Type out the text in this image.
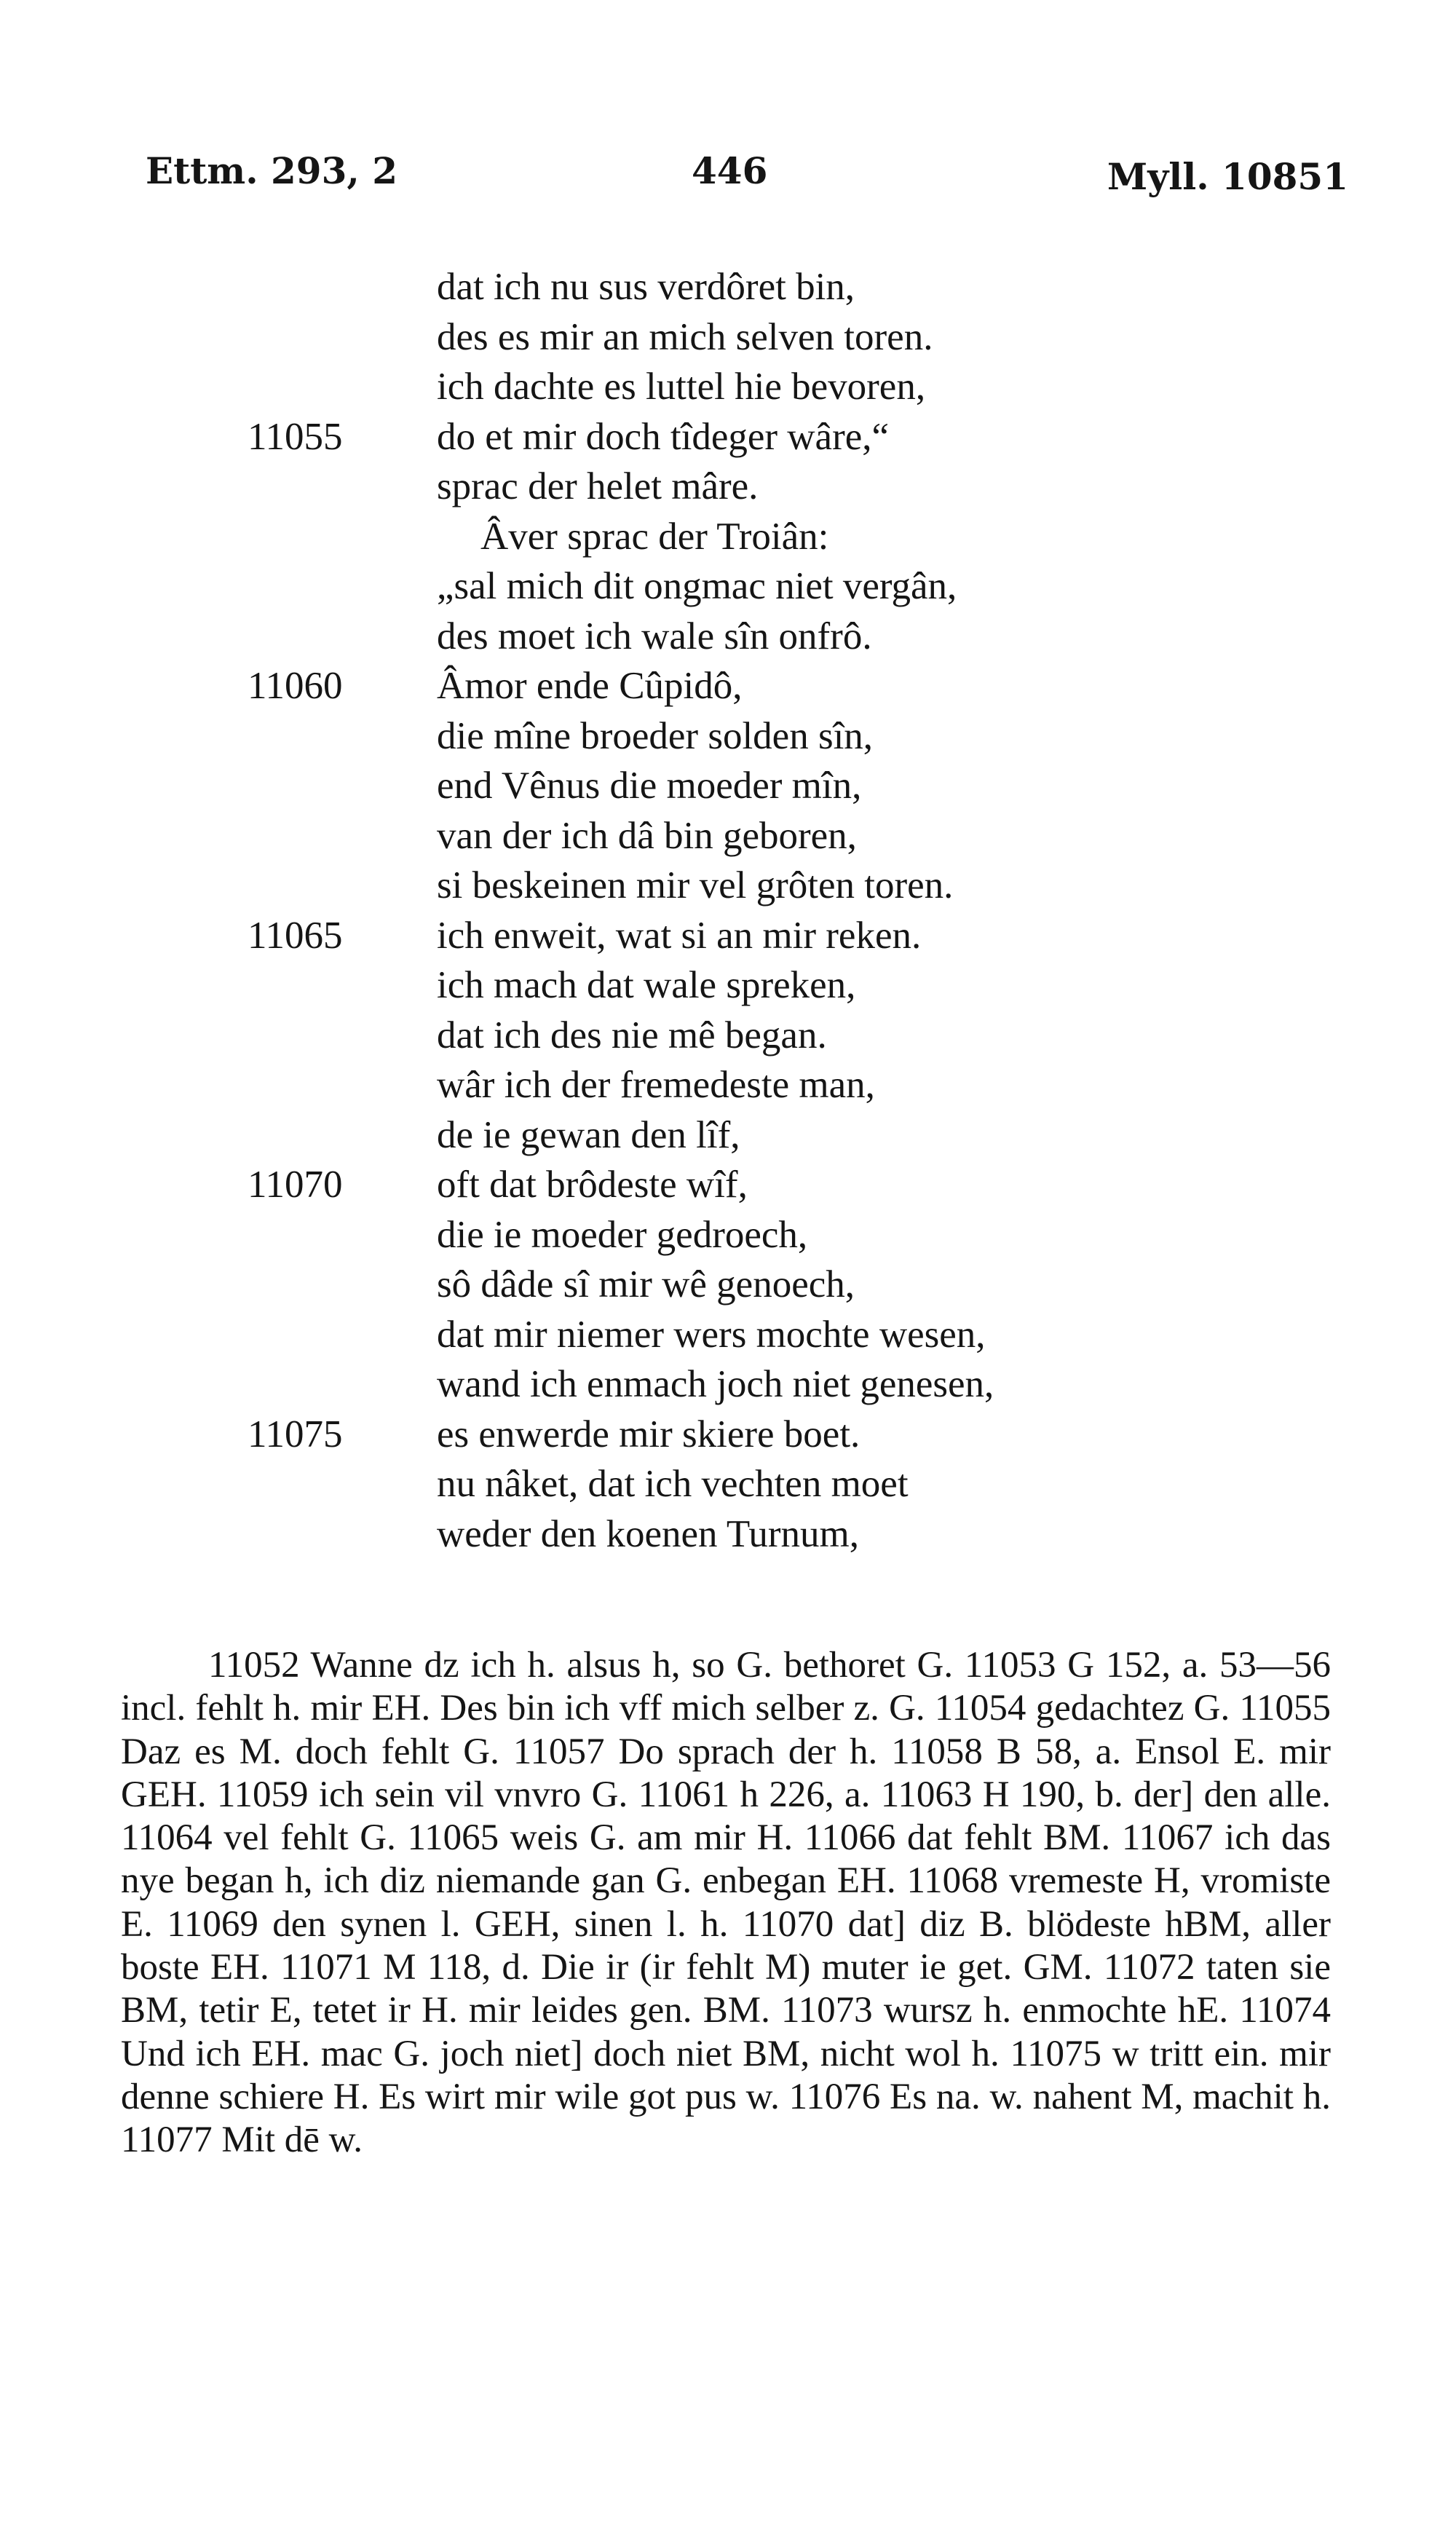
Ettm. 293, 2	446	Myll. 10851
dat ich nu sus verdôret bin,
des es mir an mich selven toren.
ich dachte es luttel hie bevoren,
11055	do et mir doch tîdeger wâre,“
sprac der helet mâre.
Âver sprac der Troiân:
„sal mich dit ongmac niet vergân,
des moet ich wale sîn onfrô.
11060	Âmor ende Cûpidô,
die mîne broeder solden sîn,
end Vênus die moeder mîn,
van der ich dâ bin geboren,
si beskeinen mir vel grôten toren.
11065	ich enweit, wat si an mir reken.
ich mach dat wale spreken,
dat ich des nie mê began.
wâr ich der fremedeste man,
de ie gewan den lîf,
11070	oft dat brôdeste wîf,
die ie moeder gedroech,
sô dâde sî mir wê genoech,
dat mir niemer wers mochte wesen,
wand ich enmach joch niet genesen,
11075	es enwerde mir skiere boet.
nu nâket, dat ich vechten moet
weder den koenen Turnum,
11052 Wanne dz ich h. alsus h, so G. bethoret G. 11053 G 152, a. 53—56 incl. fehlt h. mir EH. Des bin ich vff mich selber z. G. 11054 gedachtez G. 11055 Daz es M. doch fehlt G. 11057 Do sprach der h. 11058 B 58, a. Ensol E. mir GEH. 11059 ich sein vil vnvro G. 11061 h 226, a. 11063 H 190, b. der] den alle. 11064 vel fehlt G. 11065 weis G. am mir H. 11066 dat fehlt BM. 11067 ich das nye began h, ich diz niemande gan G. enbegan EH. 11068 vremeste H, vromiste E. 11069 den synen l. GEH, sinen l. h. 11070 dat] diz B. blödeste hBM, aller boste EH. 11071 M 118, d. Die ir (ir fehlt M) muter ie get. GM. 11072 taten sie BM, tetir E, tetet ir H. mir leides gen. BM. 11073 wursz h. enmochte hE. 11074 Und ich EH. mac G. joch niet] doch niet BM, nicht wol h. 11075 w tritt ein. mir denne schiere H. Es wirt mir wile got pus w. 11076 Es na. w. nahent M, machit h. 11077 Mit dē w.
